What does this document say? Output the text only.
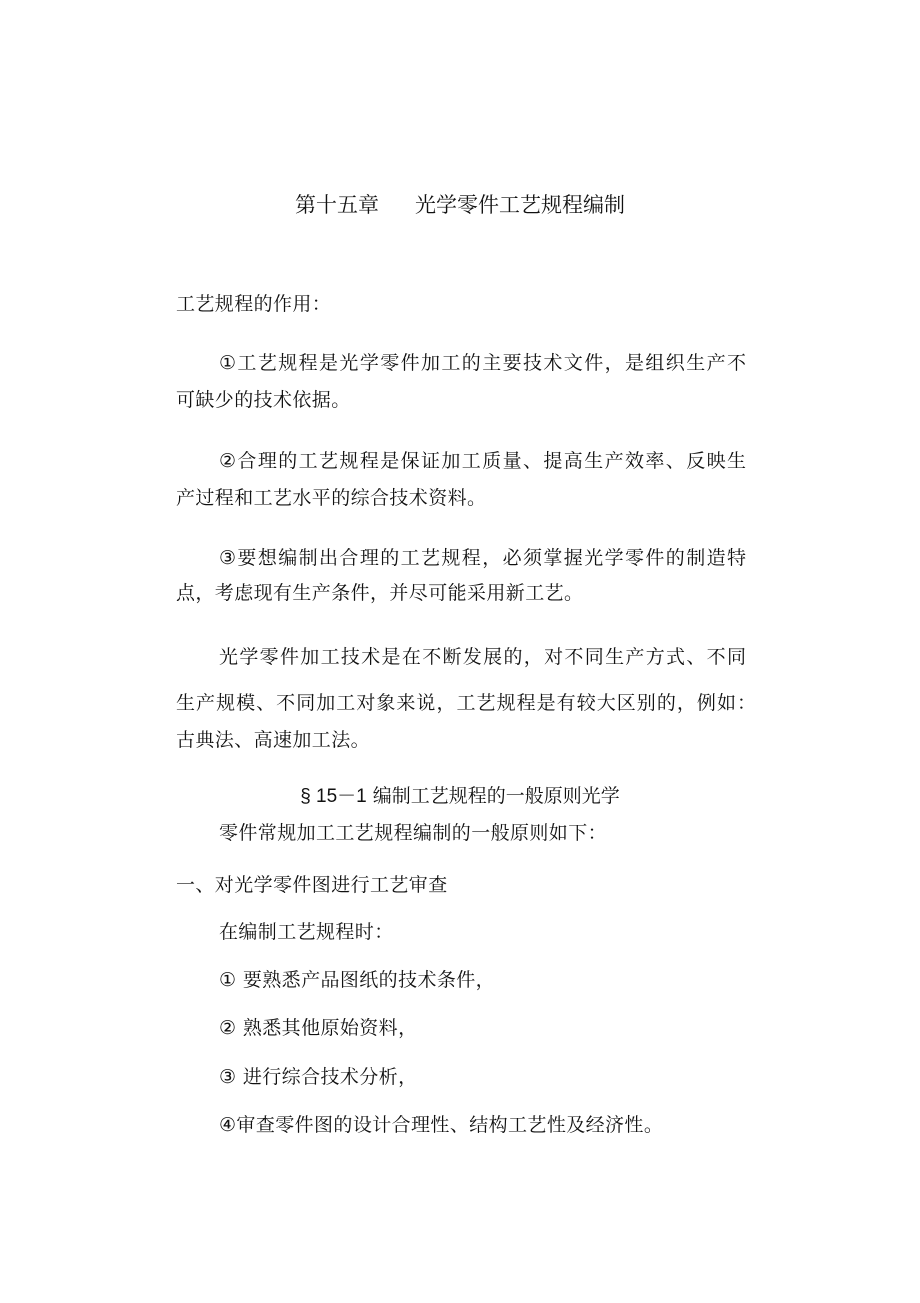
第十五章 光学零件工艺规程编制
工艺规程的作用：
①工艺规程是光学零件加工的主要技术文件，是组织生产不
可缺少的技术依据。
②合理的工艺规程是保证加工质量、提高生产效率、反映生
产过程和工艺水平的综合技术资料。
③要想编制出合理的工艺规程，必须掌握光学零件的制造特
点，考虑现有生产条件，并尽可能采用新工艺。
光学零件加工技术是在不断发展的，对不同生产方式、不同
生产规模、不同加工对象来说，工艺规程是有较大区别的，例如：
古典法、高速加工法。
§ 15－1 编制工艺规程的一般原则光学
零件常规加工工艺规程编制的一般原则如下：
一、对光学零件图进行工艺审查
在编制工艺规程时：
① 要熟悉产品图纸的技术条件，
② 熟悉其他原始资料，
③ 进行综合技术分析，
④审查零件图的设计合理性、结构工艺性及经济性。
